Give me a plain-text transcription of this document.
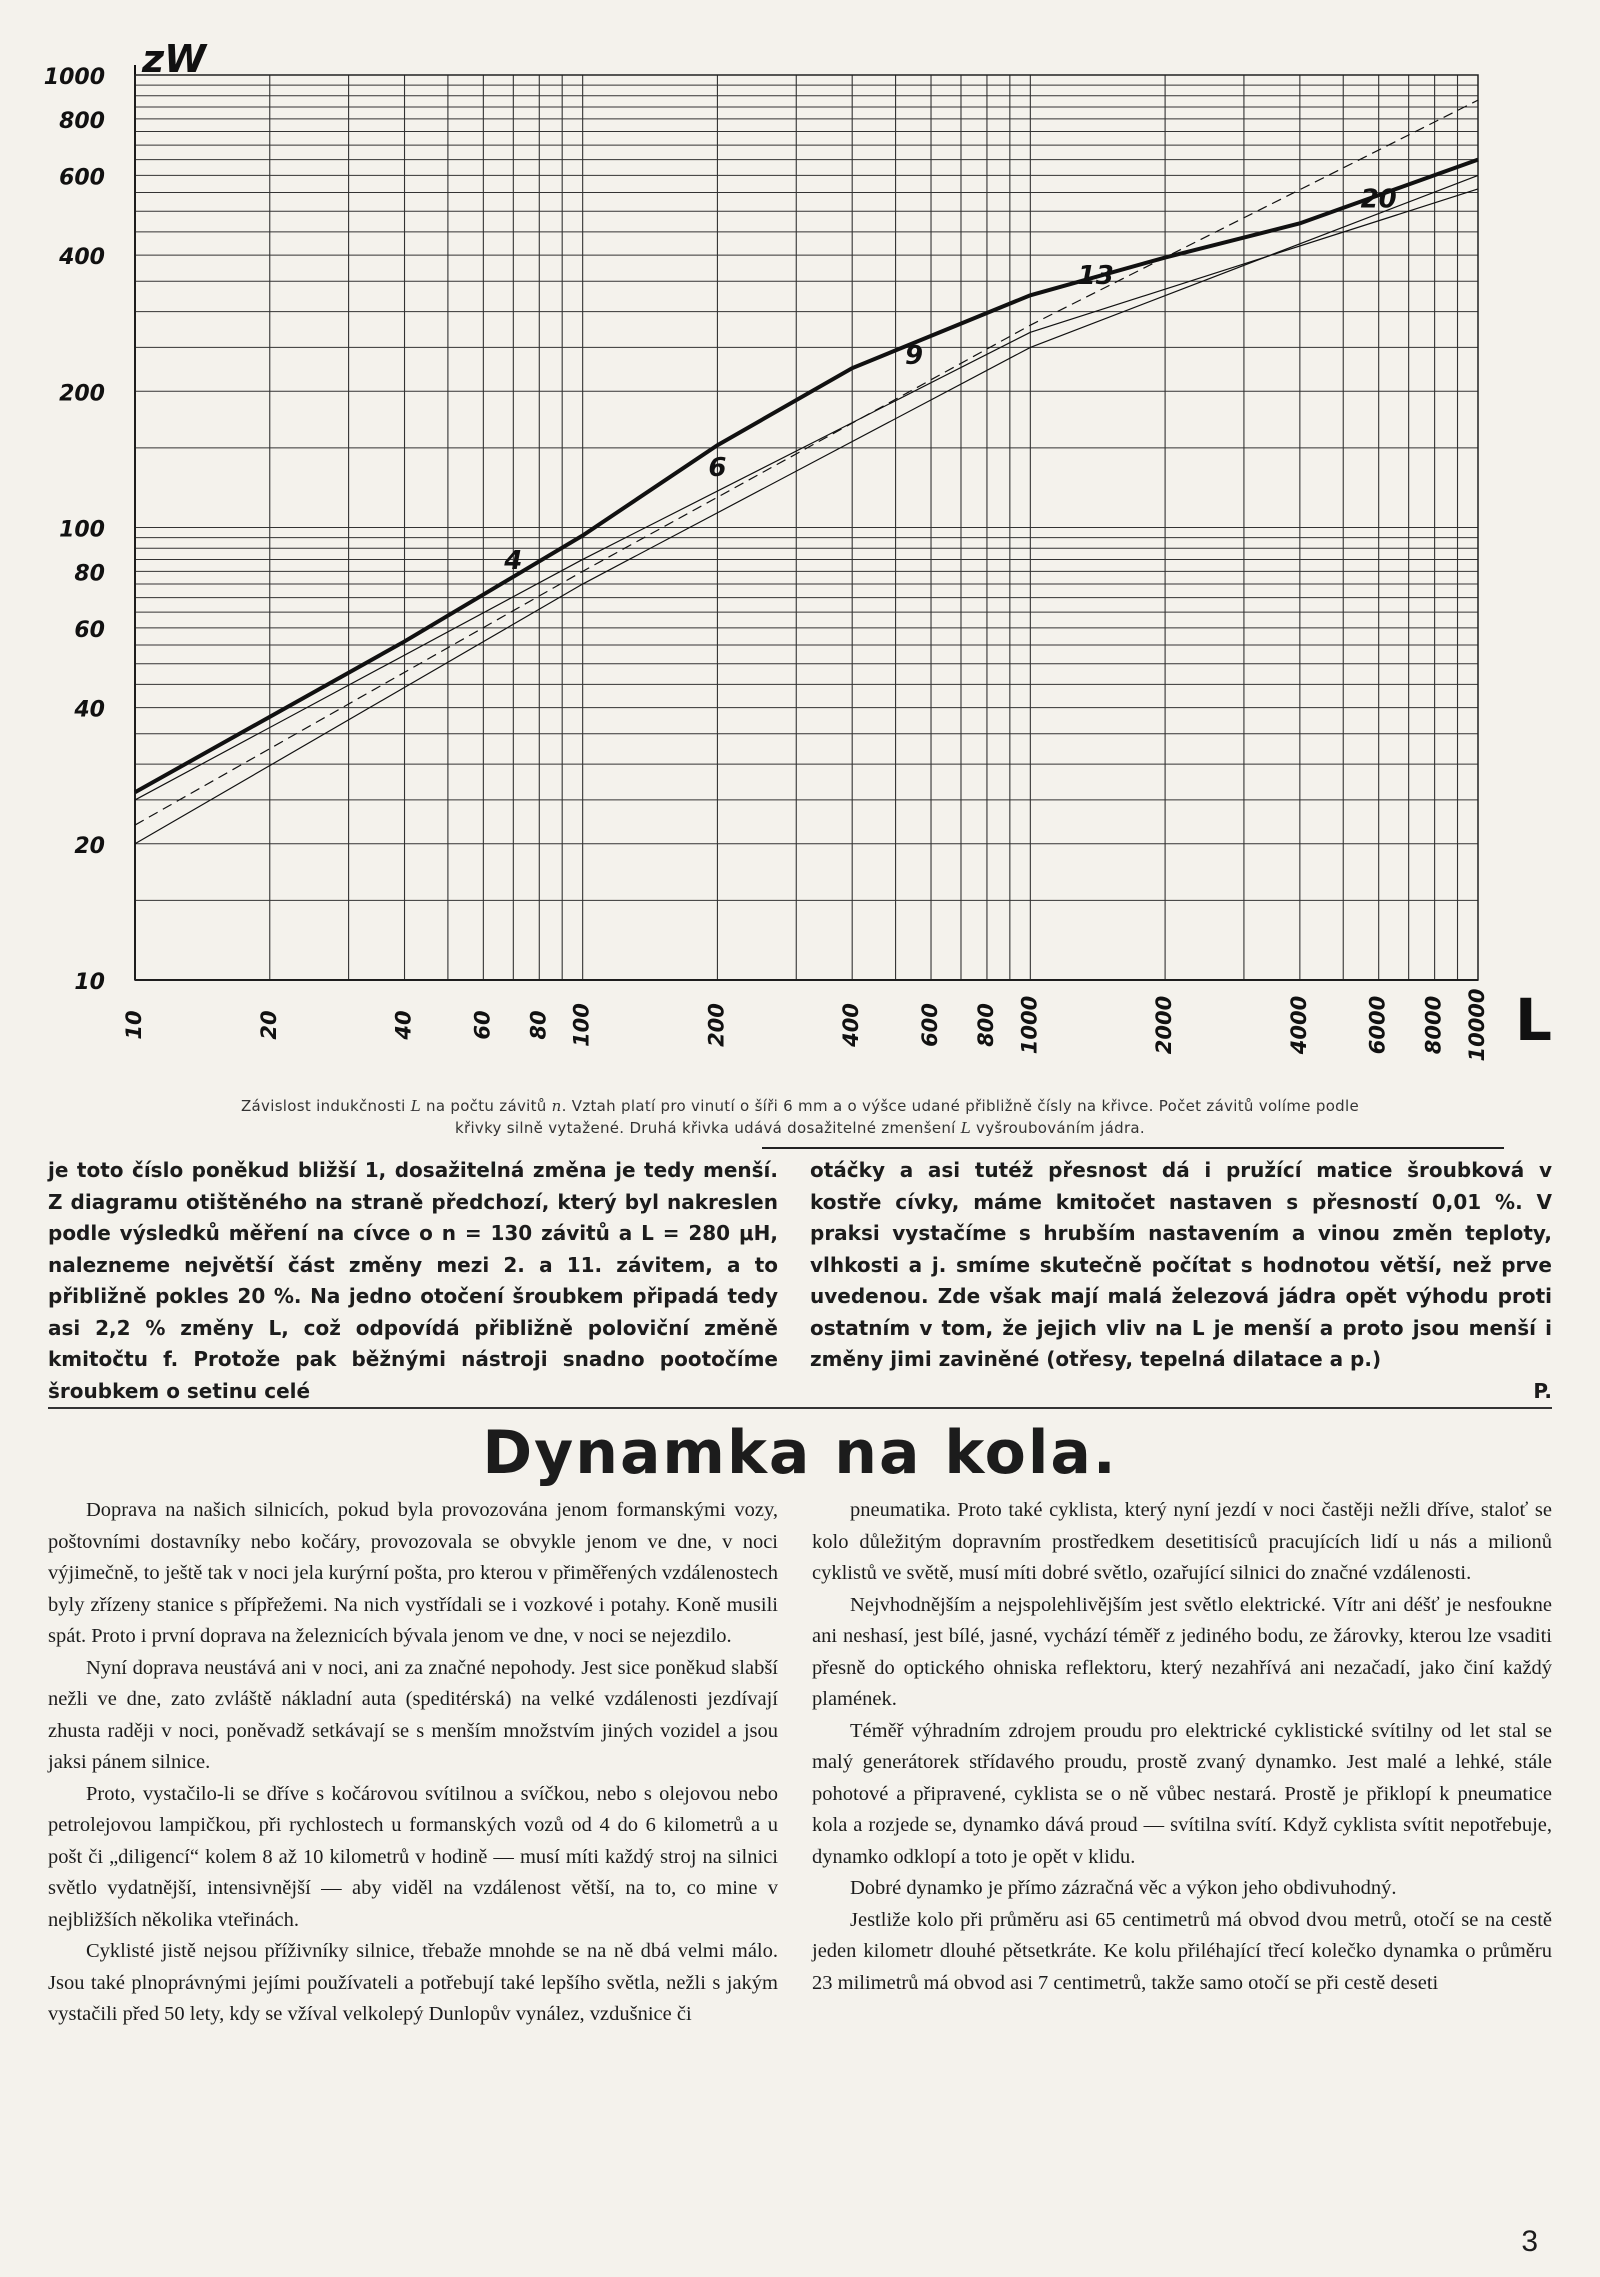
4
6
9
13
20
10
20
40
60
80
100
200
400
600
800
1000 zW
10	20	40	60 80 100	200	400	600 800 1000	2000	4000	6000 8000 10000 L
Závislost indukčnosti L na počtu závitů n. Vztah platí pro vinutí o šíři 6 mm a o výšce udané přibližně čísly na křivce. Počet závitů volíme podle
křivky silně vytažené. Druhá křivka udává dosažitelné zmenšení L vyšroubováním jádra.
je toto číslo poněkud bližší 1, dosažitelná změna je tedy menší. Z diagramu otištěného na straně předchozí, který byl nakreslen podle výsledků měření na cívce o n = 130 závitů a L = 280 μH, nalezneme největší část změny mezi 2. a 11. závitem, a to přibližně pokles 20 %. Na jedno otočení šroubkem připadá tedy asi 2,2 % změny L, což odpovídá přibližně poloviční změně kmitočtu f. Protože pak běžnými nástroji snadno pootočíme šroubkem o setinu celé
otáčky a asi tutéž přesnost dá i pružící matice šroubková v kostře cívky, máme kmitočet nastaven s přesností 0,01 %. V praksi vystačíme s hrubším nastavením a vinou změn teploty, vlhkosti a j. smíme skutečně počítat s hodnotou větší, než prve uvedenou. Zde však mají malá železová jádra opět výhodu proti ostatním v tom, že jejich vliv na L je menší a proto jsou menší i změny jimi zaviněné (otřesy, tepelná dilatace a p.)
P.
Dynamka na kola.

Doprava na našich silnicích, pokud byla provozována jenom formanskými vozy, poštovními dostavníky nebo kočáry, provozovala se obvykle jenom ve dne, v noci výjimečně, to ještě tak v noci jela kurýrní pošta, pro kterou v přiměřených vzdálenostech byly zřízeny stanice s přípřežemi. Na nich vystřídali se i vozkové i potahy. Koně musili spát. Proto i první doprava na železnicích bývala jenom ve dne, v noci se nejezdilo.

Nyní doprava neustává ani v noci, ani za značné nepohody. Jest sice poněkud slabší nežli ve dne, zato zvláště nákladní auta (speditérská) na velké vzdálenosti jezdívají zhusta raději v noci, poněvadž setkávají se s menším množstvím jiných vozidel a jsou jaksi pánem silnice.

Proto, vystačilo-li se dříve s kočárovou svítilnou a svíčkou, nebo s olejovou nebo petrolejovou lampičkou, při rychlostech u formanských vozů od 4 do 6 kilometrů a u pošt či „diligencí“ kolem 8 až 10 kilometrů v hodině — musí míti každý stroj na silnici světlo vydatnější, intensivnější — aby viděl na vzdálenost větší, na to, co mine v nejbližších několika vteřinách.

Cyklisté jistě nejsou příživníky silnice, třebaže mnohde se na ně dbá velmi málo. Jsou také plnoprávnými jejími používateli a potřebují také lepšího světla, nežli s jakým vystačili před 50 lety, kdy se vžíval velkolepý Dunlopův vynález, vzdušnice či

pneumatika. Proto také cyklista, který nyní jezdí v noci častěji nežli dříve, staloť se kolo důležitým dopravním prostředkem desetitisíců pracujících lidí u nás a milionů cyklistů ve světě, musí míti dobré světlo, ozařující silnici do značné vzdálenosti.

Nejvhodnějším a nejspolehlivějším jest světlo elektrické. Vítr ani déšť je nesfoukne ani neshasí, jest bílé, jasné, vychází téměř z jediného bodu, ze žárovky, kterou lze vsaditi přesně do optického ohniska reflektoru, který nezahřívá ani nezačadí, jako činí každý plamének.

Téměř výhradním zdrojem proudu pro elektrické cyklistické svítilny od let stal se malý generátorek střídavého proudu, prostě zvaný dynamko. Jest malé a lehké, stále pohotové a připravené, cyklista se o ně vůbec nestará. Prostě je přiklopí k pneumatice kola a rozjede se, dynamko dává proud — svítilna svítí. Když cyklista svítit nepotřebuje, dynamko odklopí a toto je opět v klidu.

Dobré dynamko je přímo zázračná věc a výkon jeho obdivuhodný.

Jestliže kolo při průměru asi 65 centimetrů má obvod dvou metrů, otočí se na cestě jeden kilometr dlouhé pětsetkráte. Ke kolu přiléhající třecí kolečko dynamka o průměru 23 milimetrů má obvod asi 7 centimetrů, takže samo otočí se při cestě deseti

3
